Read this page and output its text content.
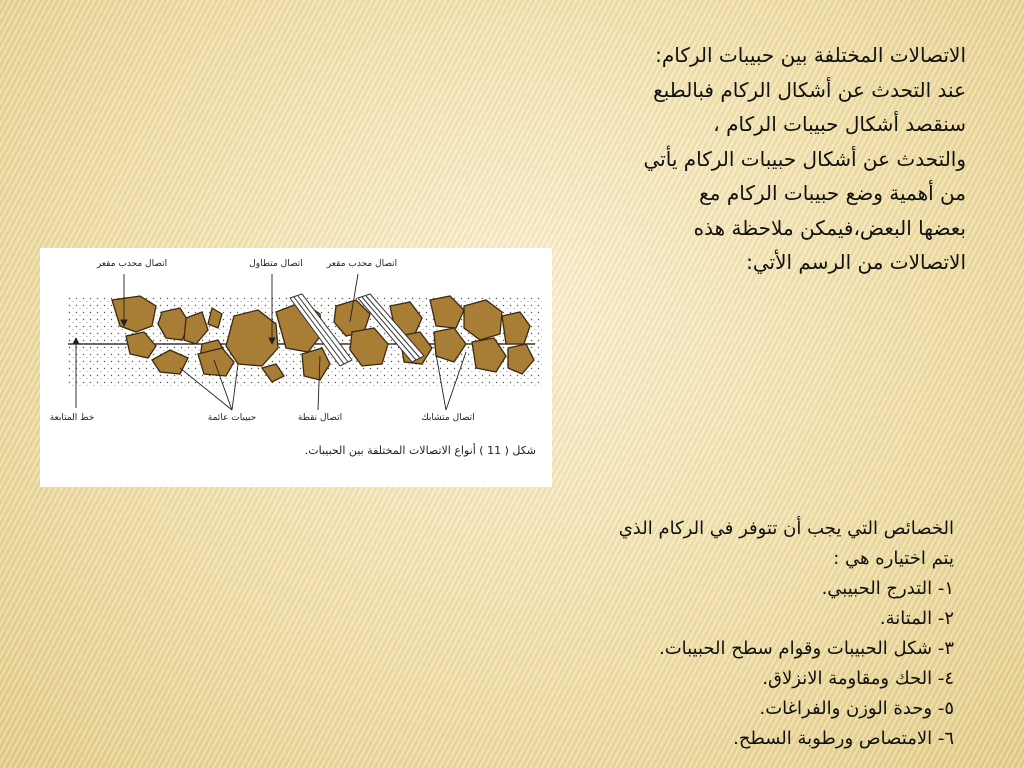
الاتصالات المختلفة بين حبيبات الركام:
عند التحدث عن أشكال الركام فبالطبع
سنقصد أشكال حبيبات الركام ،
والتحدث عن أشكال حبيبات الركام يأتي
من أهمية وضع حبيبات الركام مع
بعضها البعض،فيمكن ملاحظة هذه
الاتصالات من الرسم الأتي:
اتصال محدب مقعر	اتصال متطاول	اتصال محدب مقعر
خط المتابعة	حبيبات عائمة	اتصال نقطة	اتصال متشابك
شكل ( 11 ) أنواع الاتصالات المختلفة بين الحبيبات.
الخصائص التي يجب أن تتوفر في الركام الذي
يتم اختياره هي :
١- التدرج الحبيبي.
٢- المتانة.
٣- شكل الحبيبات وقوام سطح الحبيبات.
٤- الحك ومقاومة الانزلاق.
٥- وحدة الوزن والفراغات.
٦- الامتصاص ورطوبة السطح.
